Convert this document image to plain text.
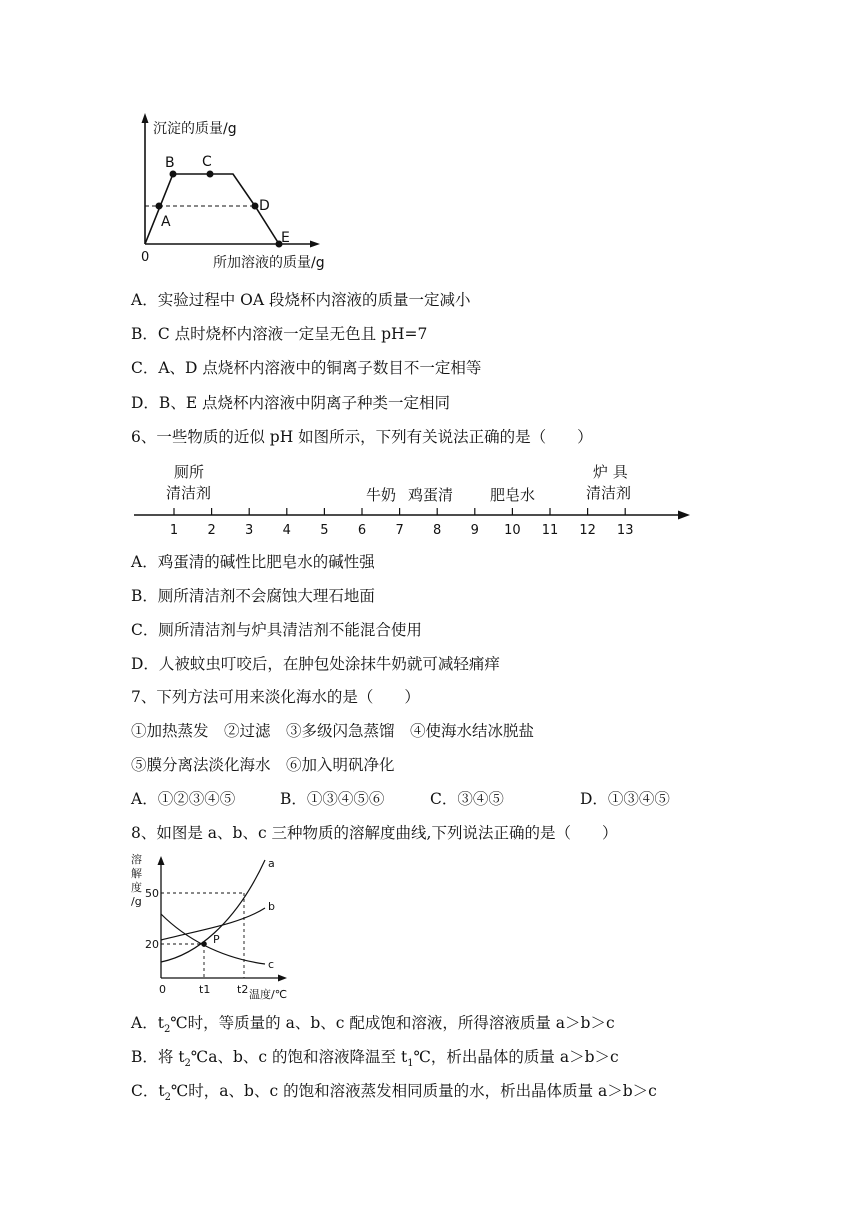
沉淀的质量/g
所加溶液的质量/g
0
A
B C
D
E
A．实验过程中 OA 段烧杯内溶液的质量一定减小
B．C 点时烧杯内溶液一定呈无色且 pH=7
C．A、D 点烧杯内溶液中的铜离子数目不一定相等
D．B、E 点烧杯内溶液中阴离子种类一定相同
6、一些物质的近似 pH 如图所示，下列有关说法正确的是（　　）
1 2 3 4 5 6 7 8 9 10 11 12 13
厕所
清洁剂	牛奶 鸡蛋清 肥皂水
炉 具
清洁剂
A．鸡蛋清的碱性比肥皂水的碱性强
B．厕所清洁剂不会腐蚀大理石地面
C．厕所清洁剂与炉具清洁剂不能混合使用
D．人被蚊虫叮咬后，在肿包处涂抹牛奶就可减轻痛痒
7、下列方法可用来淡化海水的是（　　）
①加热蒸发　②过滤　③多级闪急蒸馏　④使海水结冰脱盐
⑤膜分离法淡化海水　⑥加入明矾净化
A．①②③④⑤	B．①③④⑤⑥	C．③④⑤	D．①③④⑤
8、如图是 a、b、c 三种物质的溶解度曲线,下列说法正确的是（　　）
溶
解
度
/g
50
20
0	t1 t2 温度/℃
a
b
c
P
A．$t_2℃$时，等质量的 a、b、c 配成饱和溶液，所得溶液质量 a＞b＞c
B．将 $t_2℃a$、b、c 的饱和溶液降温至 $t_1℃$，析出晶体的质量 a＞b＞c
C．$t_2℃$时，a、b、c 的饱和溶液蒸发相同质量的水，析出晶体质量 a＞b＞c
